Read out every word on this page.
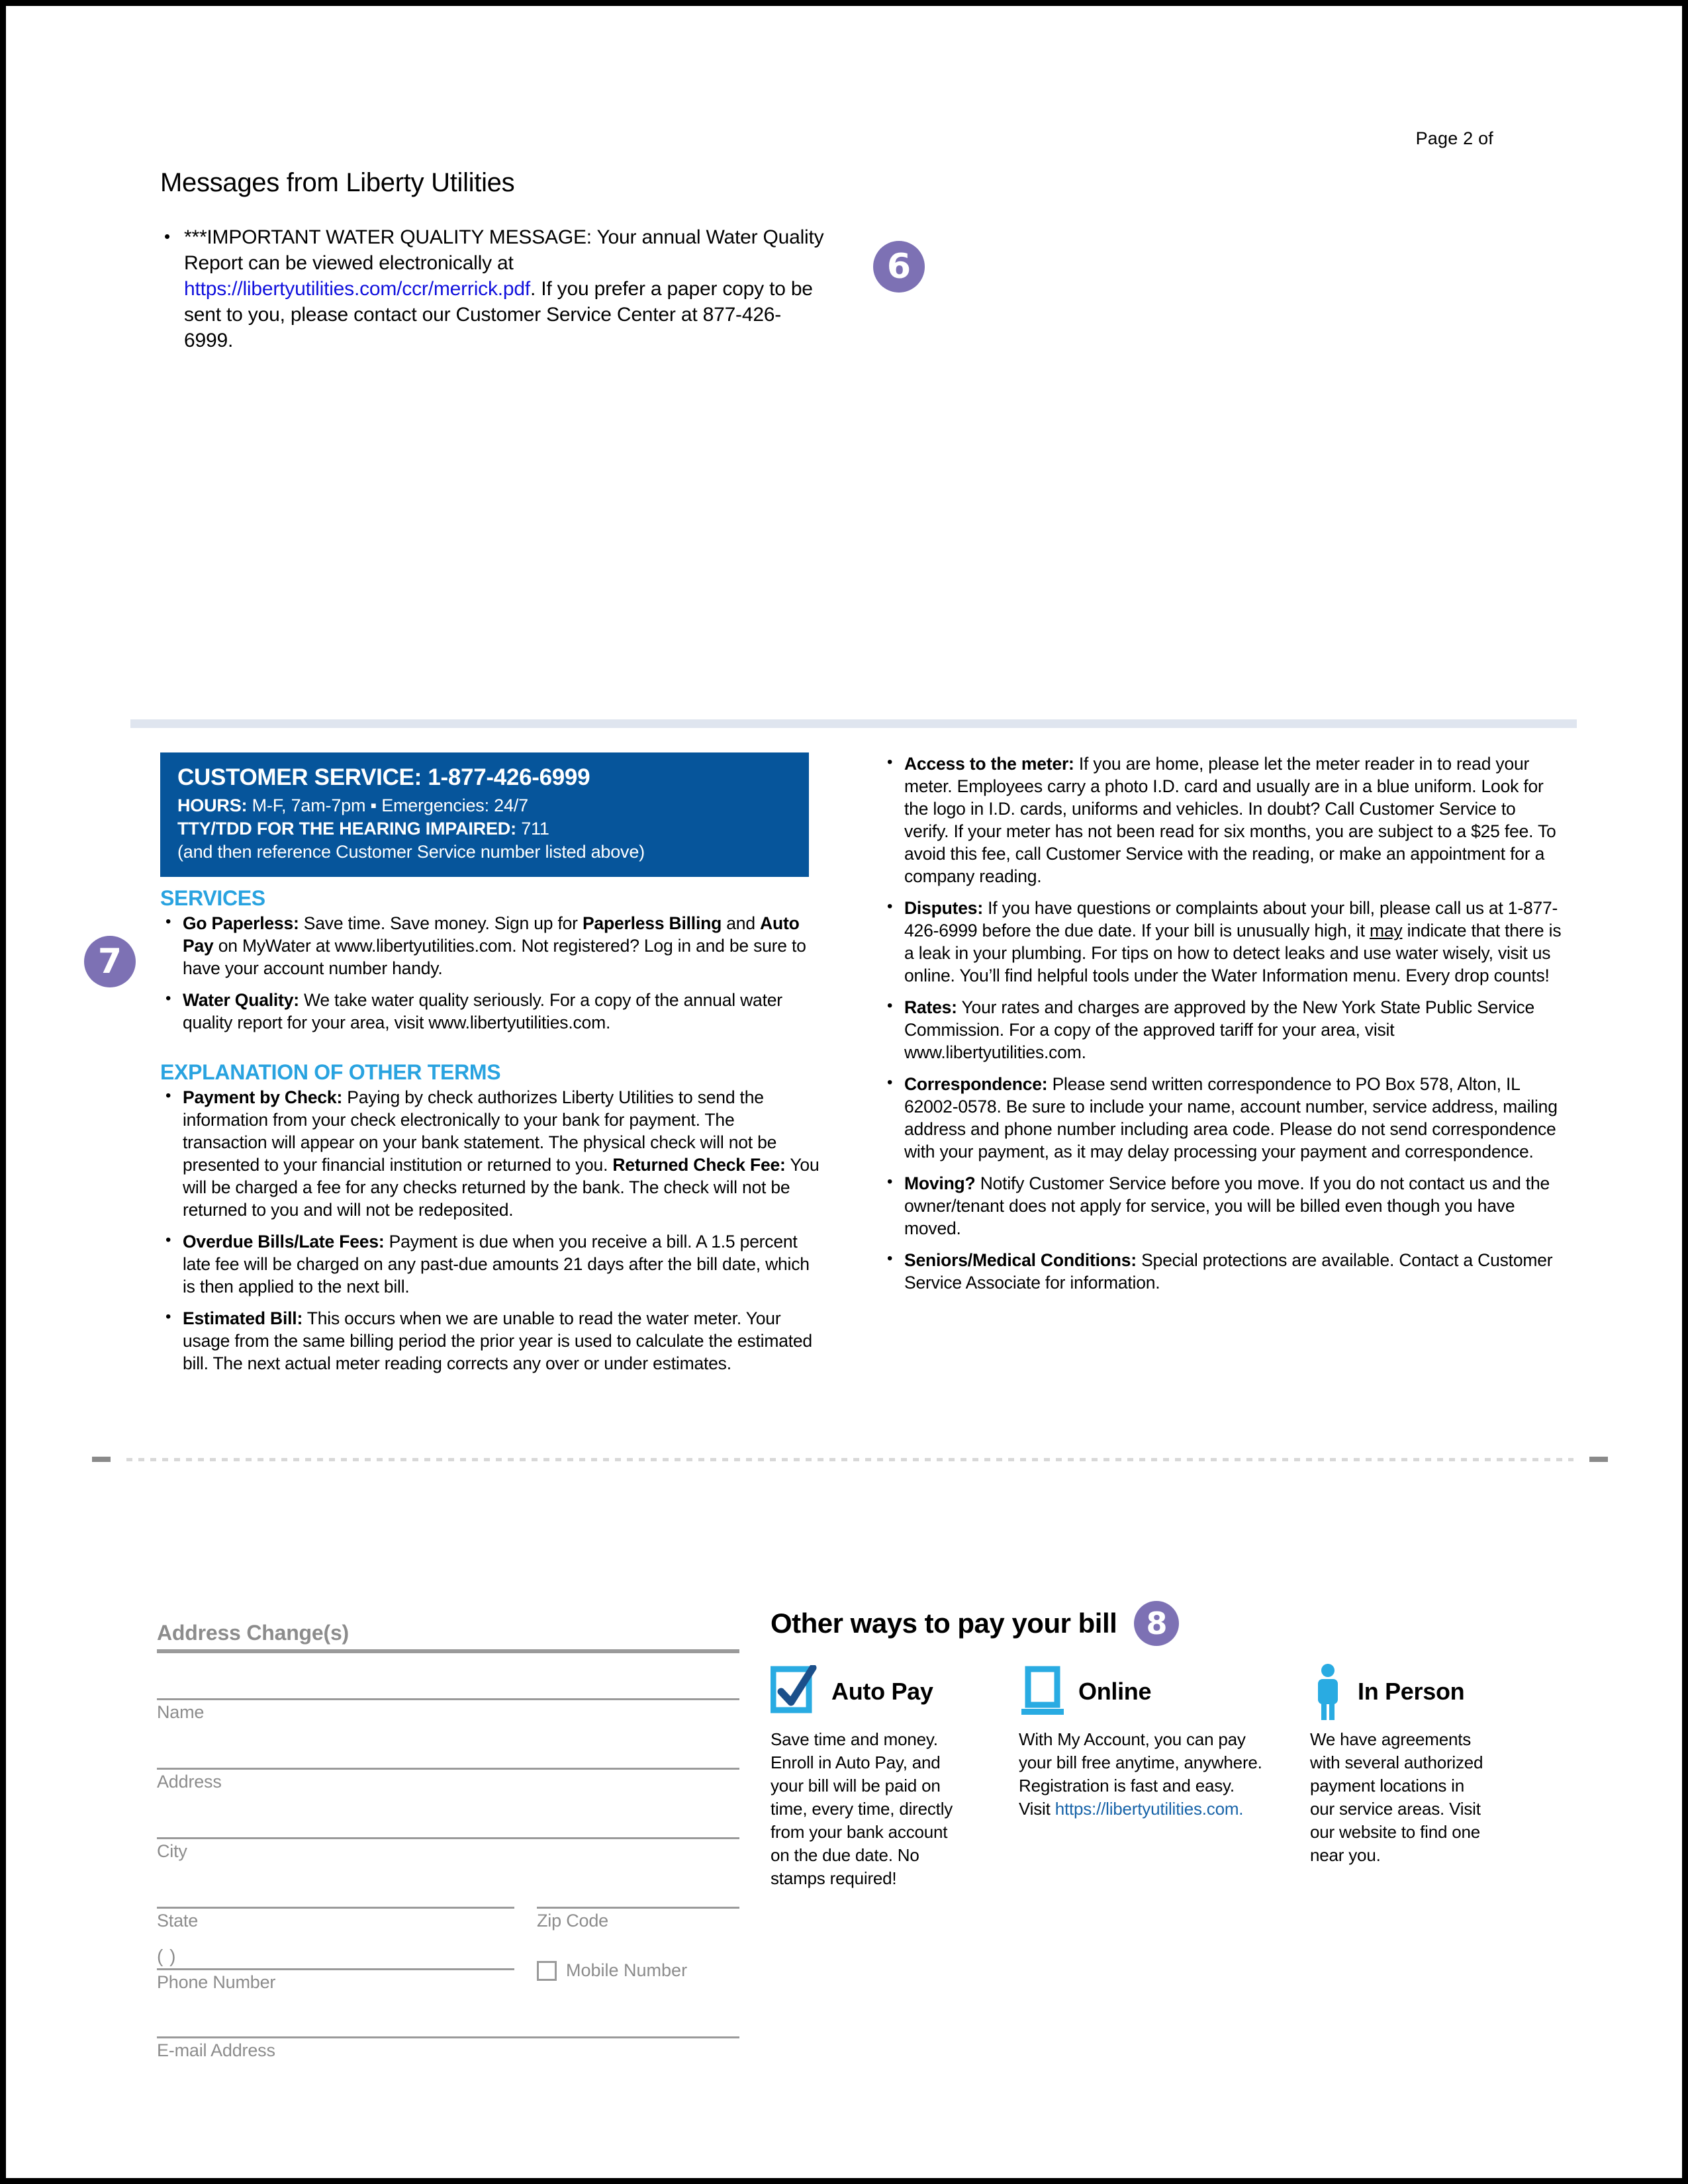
Page 2 of
Messages from Liberty Utilities
• ***IMPORTANT WATER QUALITY MESSAGE: Your annual Water Quality Report can be viewed electronically at https://libertyutilities.com/ccr/merrick.pdf. If you prefer a paper copy to be sent to you, please contact our Customer Service Center at 877-426-6999.
6
7
CUSTOMER SERVICE: 1-877-426-6999
HOURS: M-F, 7am-7pm ▪ Emergencies: 24/7
TTY/TDD FOR THE HEARING IMPAIRED: 711
(and then reference Customer Service number listed above)
SERVICES
• Go Paperless: Save time. Save money. Sign up for Paperless Billing and Auto Pay on MyWater at www.libertyutilities.com. Not registered? Log in and be sure to have your account number handy.
• Water Quality: We take water quality seriously. For a copy of the annual water quality report for your area, visit www.libertyutilities.com.
EXPLANATION OF OTHER TERMS
• Payment by Check: Paying by check authorizes Liberty Utilities to send the information from your check electronically to your bank for payment. The transaction will appear on your bank statement. The physical check will not be presented to your financial institution or returned to you. Returned Check Fee: You will be charged a fee for any checks returned by the bank. The check will not be returned to you and will not be redeposited.
• Overdue Bills/Late Fees: Payment is due when you receive a bill. A 1.5 percent late fee will be charged on any past-due amounts 21 days after the bill date, which is then applied to the next bill.
• Estimated Bill: This occurs when we are unable to read the water meter. Your usage from the same billing period the prior year is used to calculate the estimated bill. The next actual meter reading corrects any over or under estimates.
• Access to the meter: If you are home, please let the meter reader in to read your meter. Employees carry a photo I.D. card and usually are in a blue uniform. Look for the logo in I.D. cards, uniforms and vehicles. In doubt? Call Customer Service to verify. If your meter has not been read for six months, you are subject to a $25 fee. To avoid this fee, call Customer Service with the reading, or make an appointment for a company reading.
• Disputes: If you have questions or complaints about your bill, please call us at 1-877-426-6999 before the due date. If your bill is unusually high, it may indicate that there is a leak in your plumbing. For tips on how to detect leaks and use water wisely, visit us online. You’ll find helpful tools under the Water Information menu. Every drop counts!
• Rates: Your rates and charges are approved by the New York State Public Service Commission. For a copy of the approved tariff for your area, visit www.libertyutilities.com.
• Correspondence: Please send written correspondence to PO Box 578, Alton, IL 62002-0578. Be sure to include your name, account number, service address, mailing address and phone number including area code. Please do not send correspondence with your payment, as it may delay processing your payment and correspondence.
• Moving? Notify Customer Service before you move. If you do not contact us and the owner/tenant does not apply for service, you will be billed even though you have moved.
• Seniors/Medical Conditions: Special protections are available. Contact a Customer Service Associate for information.
Address Change(s)
Name
Address
City
State	Zip Code
( )
Phone Number
Mobile Number
E-mail Address
Other ways to pay your bill 8
Auto Pay
Save time and money. Enroll in Auto Pay, and your bill will be paid on time, every time, directly from your bank account on the due date. No stamps required!
Online
With My Account, you can pay your bill free anytime, anywhere. Registration is fast and easy. Visit https://libertyutilities.com.
In Person
We have agreements with several authorized payment locations in our service areas. Visit our website to find one near you.
